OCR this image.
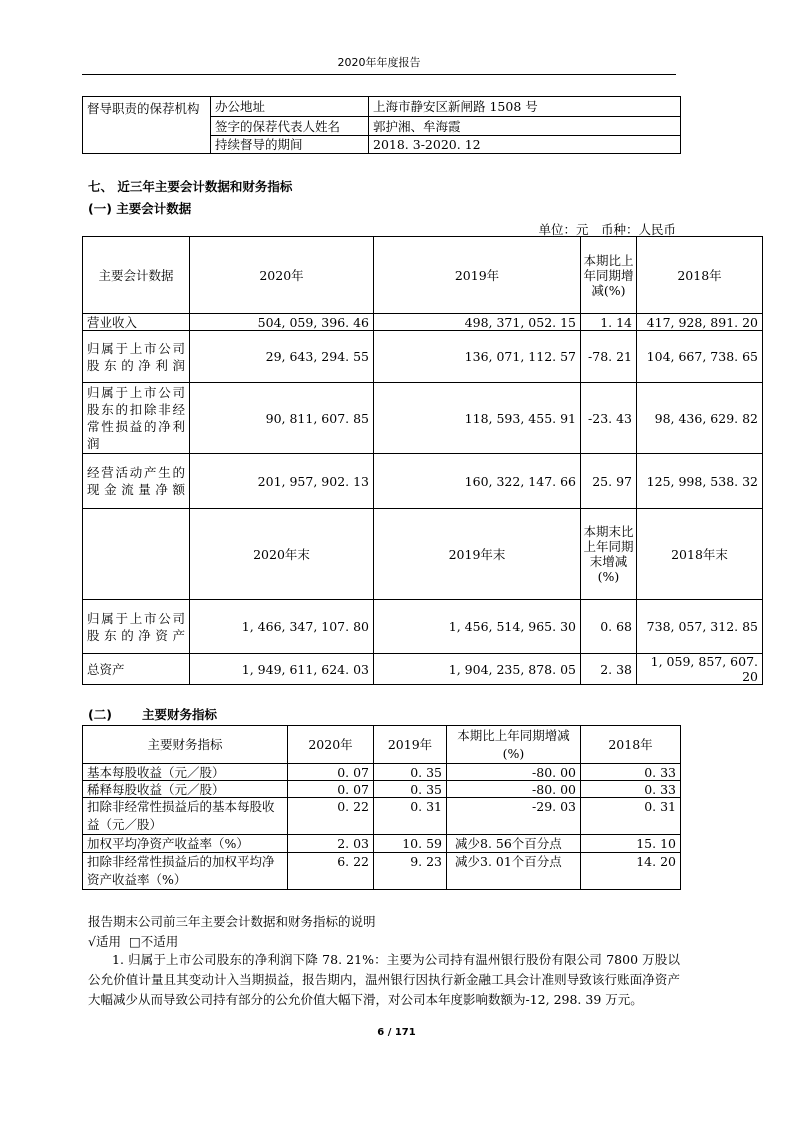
2020年年度报告
督导职责的保荐机构	办公地址	上海市静安区新闸路 1508 号
	签字的保荐代表人姓名	郭护湘、牟海霞
	持续督导的期间	2018. 3-2020. 12
七、 近三年主要会计数据和财务指标
(一) 主要会计数据
单位：元　币种：人民币
主要会计数据	2020年	2019年	本期比上年同期增减(%)	2018年
营业收入	504, 059, 396. 46	498, 371, 052. 15	1. 14	417, 928, 891. 20
归属于上市公司股东的净利润	29, 643, 294. 55	136, 071, 112. 57	-78. 21	104, 667, 738. 65
归属于上市公司股东的扣除非经常性损益的净利润	90, 811, 607. 85	118, 593, 455. 91	-23. 43	98, 436, 629. 82
经营活动产生的现金流量净额	201, 957, 902. 13	160, 322, 147. 66	25. 97	125, 998, 538. 32
	2020年末	2019年末	本期末比上年同期末增减(%)	2018年末
归属于上市公司股东的净资产	1, 466, 347, 107. 80	1, 456, 514, 965. 30	0. 68	738, 057, 312. 85
总资产	1, 949, 611, 624. 03	1, 904, 235, 878. 05	2. 38	1, 059, 857, 607. 20
(二) 主要财务指标
主要财务指标	2020年	2019年	本期比上年同期增减(%)	2018年
基本每股收益（元／股）	0. 07	0. 35	-80. 00	0. 33
稀释每股收益（元／股）	0. 07	0. 35	-80. 00	0. 33
扣除非经常性损益后的基本每股收益（元／股）	0. 22	0. 31	-29. 03	0. 31
加权平均净资产收益率（%）	2. 03	10. 59	减少8. 56个百分点	15. 10
扣除非经常性损益后的加权平均净资产收益率（%）	6. 22	9. 23	减少3. 01个百分点	14. 20
报告期末公司前三年主要会计数据和财务指标的说明
√适用 □不适用
1. 归属于上市公司股东的净利润下降 78. 21%：主要为公司持有温州银行股份有限公司 7800 万股以公允价值计量且其变动计入当期损益，报告期内，温州银行因执行新金融工具会计准则导致该行账面净资产大幅减少从而导致公司持有部分的公允价值大幅下滑，对公司本年度影响数额为-12, 298. 39 万元。
6 / 171
